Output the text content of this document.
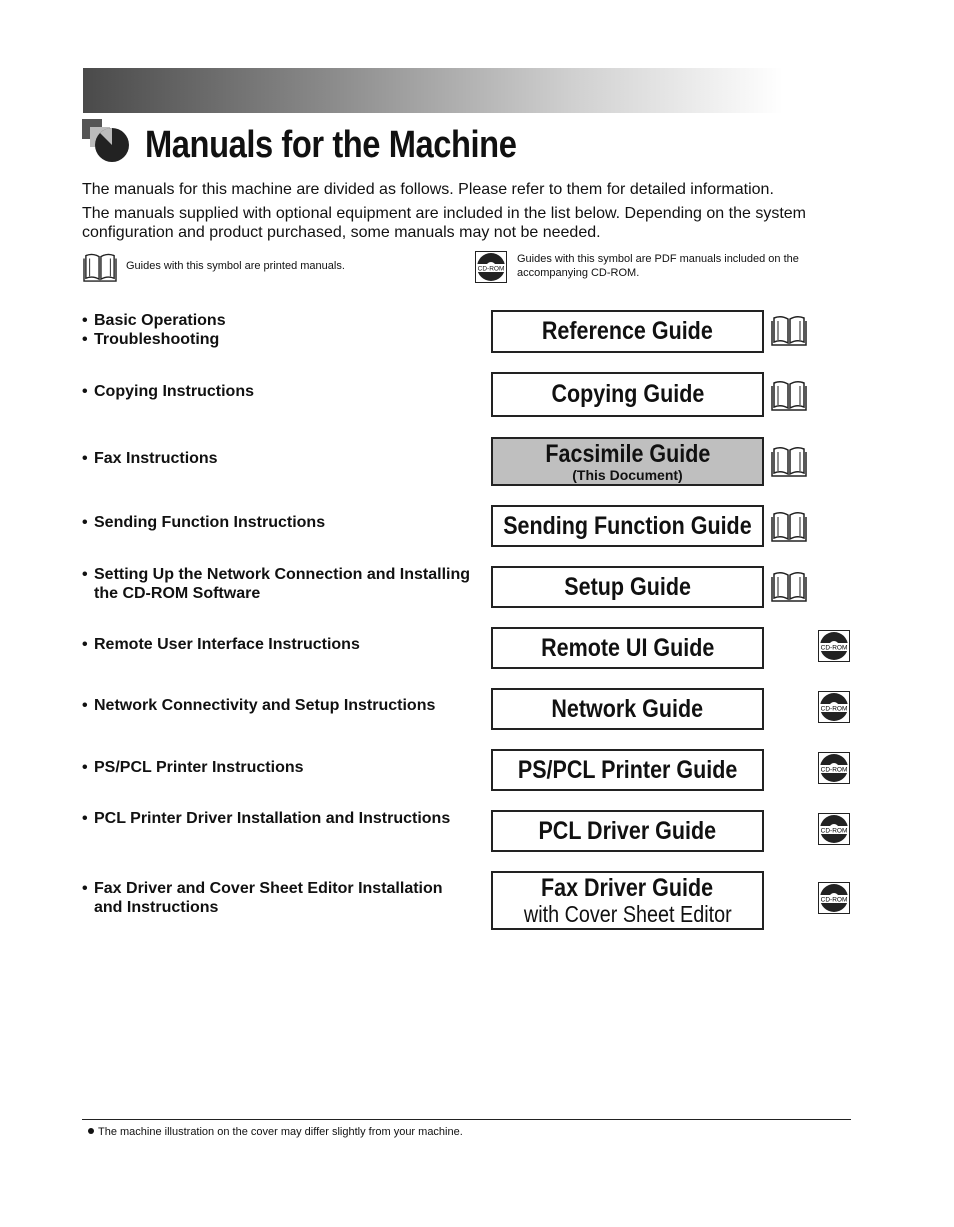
Manuals for the Machine

The manuals for this machine are divided as follows. Please refer to them for detailed information.

The manuals supplied with optional equipment are included in the list below. Depending on the system configuration and product purchased, some manuals may not be needed.

Guides with this symbol are printed manuals.	CD-ROM

Guides with this symbol are PDF manuals included on the accompanying CD-ROM.

• Basic Operations
• Troubleshooting	Reference Guide
• Copying Instructions	Copying Guide
• Fax Instructions	Facsimile Guide
(This Document)
• Sending Function Instructions	Sending Function Guide
• Setting Up the Network Connection and Installing the CD-ROM Software	Setup Guide
• Remote User Interface Instructions	Remote UI Guide	CD-ROM
• Network Connectivity and Setup Instructions	Network Guide	CD-ROM
• PS/PCL Printer Instructions	PS/PCL Printer Guide	CD-ROM
• PCL Printer Driver Installation and Instructions	PCL Driver Guide	CD-ROM
• Fax Driver and Cover Sheet Editor Installation and Instructions
Fax Driver Guide
with Cover Sheet Editor
CD-ROM

The machine illustration on the cover may differ slightly from your machine.
